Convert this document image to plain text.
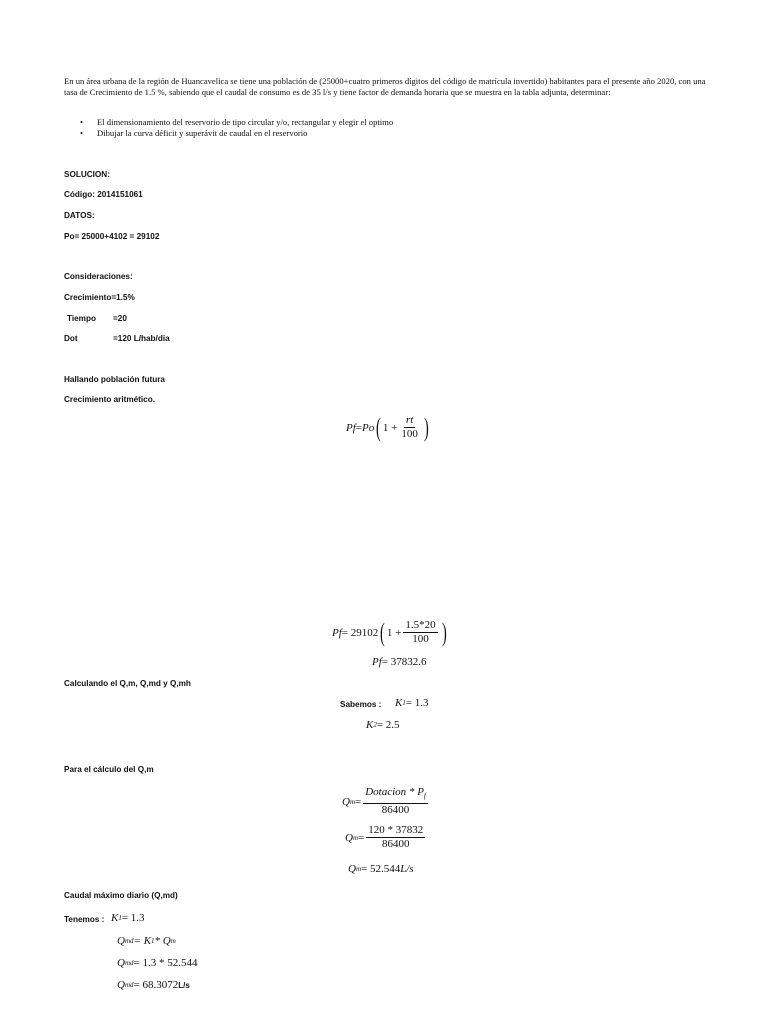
En un área urbana de la región de Huancavelica se tiene una población de (25000+cuatro primeros dígitos del código de matrícula invertido) habitantes para el presente año 2020, con una tasa de Crecimiento de 1.5 %, sabiendo que el caudal de consumo es de 35 l/s y tiene factor de demanda horaria que se muestra en la tabla adjunta, determinar:
• El dimensionamiento del reservorio de tipo circular y/o, rectangular y elegir el optimo
• Dibujar la curva déficit y superávit de caudal en el reservorio
SOLUCION:
Código: 2014151061
DATOS:
Po= 25000+4102 = 29102
Consideraciones:
Crecimiento=1.5%
Tiempo =20
Dot	=120 L/hab/dia
Hallando población futura
Crecimiento aritmético.
Pf = Po ( $1 + \frac{rt}{100}$ )
Pf = 29102 ( $1 + \frac{1.5*20}{100}$ )
Pf = 37832.6
Calculando el Q,m, Q,md y Q,mh
Sabemos : K 1 = 1.3
K 2 = 2.5
Para el cálculo del Q,m
Q $m = \frac{Dotacion * P_f}{86400}$
Q $m = \frac{120 * 37832}{86400}$
Q m = 52.544 L/s
Caudal máximo diario (Q,md)
Tenemos : K 1 = 1.3
Q md = K 1 * Q m
Q md = 1.3 * 52.544
Q md = 68.3072 L/s
